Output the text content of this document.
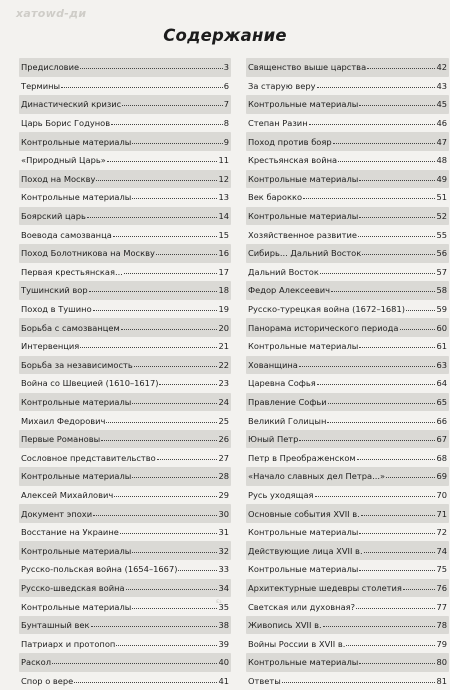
хатоwd-ди
Содержание
Предисловие	3
Термины	6
Династический кризис	7
Царь Борис Годунов	8
Контрольные материалы	9
«Природный Царь»	11
Поход на Москву	12
Контрольные материалы	13
Боярский царь	14
Воевода самозванца	15
Поход Болотникова на Москву	16
Первая крестьянская...	17
Тушинский вор	18
Поход в Тушино	19
Борьба с самозванцем	20
Интервенция	21
Борьба за независимость	22
Война со Швецией (1610–1617)	23
Контрольные материалы	24
Михаил Федорович	25
Первые Романовы	26
Сословное представительство	27
Контрольные материалы	28
Алексей Михайлович	29
Документ эпохи	30
Восстание на Украине	31
Контрольные материалы	32
Русско-польская война (1654–1667)	33
Русско-шведская война	34
Контрольные материалы	35
Бунташный век	38
Патриарх и протопоп	39
Раскол	40
Спор о вере	41
Священство выше царства	42
За старую веру	43
Контрольные материалы	45
Степан Разин	46
Поход против бояр	47
Крестьянская война	48
Контрольные материалы	49
Век барокко	51
Контрольные материалы	52
Хозяйственное развитие	55
Сибирь... Дальний Восток	56
Дальний Восток	57
Федор Алексеевич	58
Русско-турецкая война (1672–1681)	59
Панорама исторического периода	60
Контрольные материалы	61
Хованщина	63
Царевна Софья	64
Правление Софьи	65
Великий Голицын	66
Юный Петр	67
Петр в Преображенском	68
«Начало славных дел Петра...»	69
Русь уходящая	70
Основные события XVII в.	71
Контрольные материалы	72
Действующие лица XVII в.	74
Контрольные материалы	75
Архитектурные шедевры столетия	76
Светская или духовная?	77
Живопись XVII в.	78
Войны России в XVII в.	79
Контрольные материалы	80
Ответы	81
ε₂
